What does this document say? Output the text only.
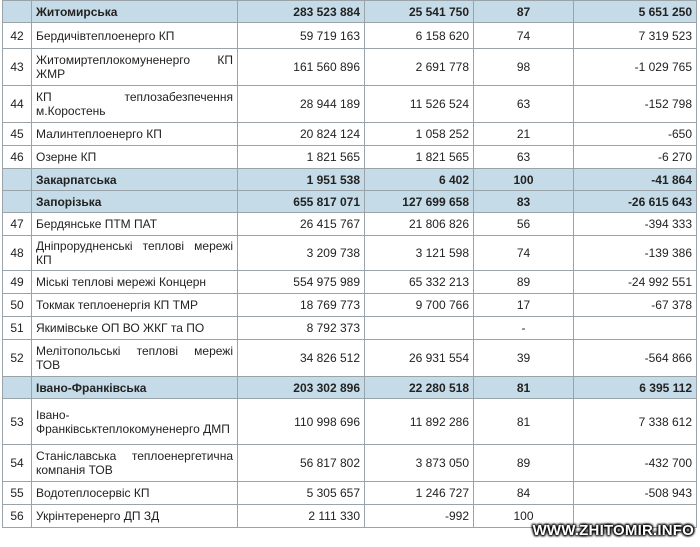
	Житомирська	283 523 884	25 541 750	87	5 651 250
42	Бердичівтеплоенерго КП	59 719 163	6 158 620	74	7 319 523
43	Житомиртеплокомуненерго КП ЖМР	161 560 896	2 691 778	98	-1 029 765
44	КП теплозабезпечення м.Коростень	28 944 189	11 526 524	63	-152 798
45	Малинтеплоенерго КП	20 824 124	1 058 252	21	-650
46	Озерне КП	1 821 565	1 821 565	63	-6 270
	Закарпатська	1 951 538	6 402	100	-41 864
	Запорізька	655 817 071	127 699 658	83	-26 615 643
47	Бердянське ПТМ ПАТ	26 415 767	21 806 826	56	-394 333
48	Дніпрорудненські теплові мережі КП	3 209 738	3 121 598	74	-139 386
49	Міські теплові мережі Концерн	554 975 989	65 332 213	89	-24 992 551
50	Токмак теплоенергія КП ТМР	18 769 773	9 700 766	17	-67 378
51	Якимівське ОП ВО ЖКГ та ПО	8 792 373		-	
52	Мелітопольські теплові мережі ТОВ	34 826 512	26 931 554	39	-564 866
	Івано-Франківська	203 302 896	22 280 518	81	6 395 112
53	Івано-Франківськтеплокомуненерго ДМП	110 998 696	11 892 286	81	7 338 612
54	Станіславська теплоенергетична компанія ТОВ	56 817 802	3 873 050	89	-432 700
55	Водотеплосервіс КП	5 305 657	1 246 727	84	-508 943
56	Укрінтеренерго ДП ЗД	2 111 330	-992	100	
WWW.ZHITOMIR.INFO
